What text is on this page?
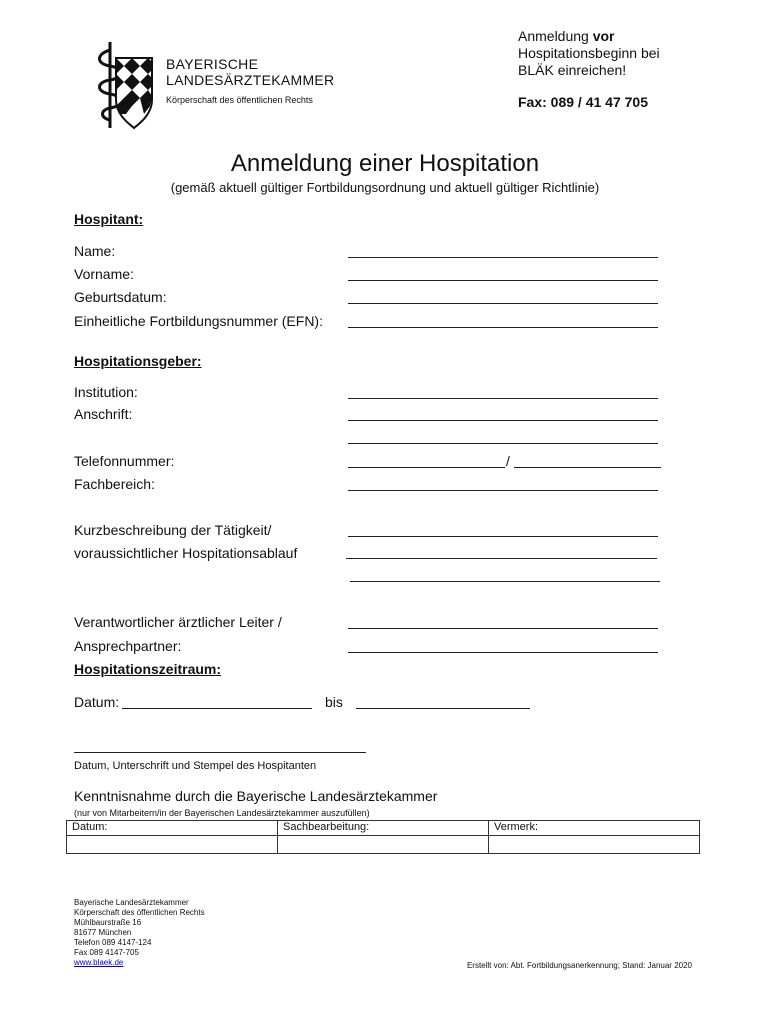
BAYERISCHE
LANDESÄRZTEKAMMER
Körperschaft des öffentlichen Rechts
Anmeldung vor
Hospitationsbeginn bei
BLÄK einreichen!
Fax: 089 / 41 47 705
Anmeldung einer Hospitation
(gemäß aktuell gültiger Fortbildungsordnung und aktuell gültiger Richtlinie)
Hospitant:
Name:
Vorname:
Geburtsdatum:
Einheitliche Fortbildungsnummer (EFN):
Hospitationsgeber:
Institution:
Anschrift:
Telefonnummer:	/
Fachbereich:
Kurzbeschreibung der Tätigkeit/
voraussichtlicher Hospitationsablauf
Verantwortlicher ärztlicher Leiter /
Ansprechpartner:
Hospitationszeitraum:
Datum:	bis
Datum, Unterschrift und Stempel des Hospitanten
Kenntnisnahme durch die Bayerische Landesärztekammer
(nur von Mitarbeitern/in der Bayerischen Landesärztekammer auszufüllen)
Datum:	Sachbearbeitung:	Vermerk:

Bayerische Landesärztekammer
Körperschaft des öffentlichen Rechts
Mühlbaurstraße 16
81677 München
Telefon 089 4147-124
Fax 089 4147-705
www.blaek.de	Erstellt von: Abt. Fortbildungsanerkennung; Stand: Januar 2020
